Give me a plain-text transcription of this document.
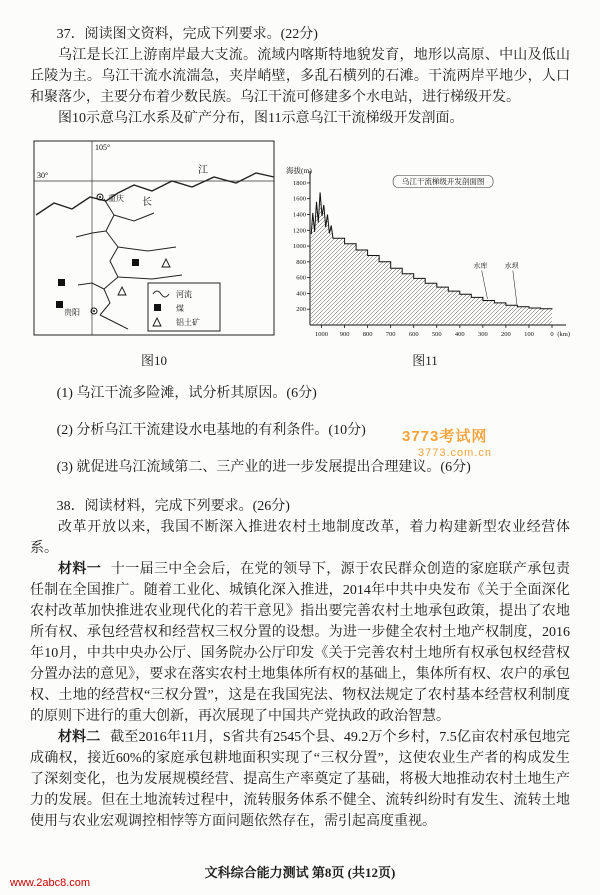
37．阅读图文资料，完成下列要求。(22分)

乌江是长江上游南岸最大支流。流域内喀斯特地貌发育，地形以高原、中山及低山丘陵为主。乌江干流水流湍急，夹岸峭壁，多乱石横列的石滩。干流两岸平地少，人口和聚落少，主要分布着少数民族。乌江干流可修建多个水电站，进行梯级开发。

图10示意乌江水系及矿产分布，图11示意乌江干流梯级开发剖面。

105°
30°
长
江
重庆
贵阳
河流
煤
铝土矿
图10
1800
1600
1400
1200
1000
800
600
400
200
1000 900 800 700 600 500 400 300 200 100	0 (km)
海拔(m)
乌江干流梯级开发剖面图
水库 水坝
图11

(1) 乌江干流多险滩，试分析其原因。(6分)

(2) 分析乌江干流建设水电基地的有利条件。(10分)

(3) 就促进乌江流域第二、三产业的进一步发展提出合理建议。(6分)

38．阅读材料，完成下列要求。(26分)

改革开放以来，我国不断深入推进农村土地制度改革，着力构建新型农业经营体系。

材料一 十一届三中全会后，在党的领导下，源于农民群众创造的家庭联产承包责任制在全国推广。随着工业化、城镇化深入推进，2014年中共中央发布《关于全面深化农村改革加快推进农业现代化的若干意见》指出要完善农村土地承包政策，提出了农地所有权、承包经营权和经营权三权分置的设想。为进一步健全农村土地产权制度，2016年10月，中共中央办公厅、国务院办公厅印发《关于完善农村土地所有权承包权经营权分置办法的意见》，要求在落实农村土地集体所有权的基础上，集体所有权、农户的承包权、土地的经营权“三权分置”，这是在我国宪法、物权法规定了农村基本经营权利制度的原则下进行的重大创新，再次展现了中国共产党执政的政治智慧。

材料二 截至2016年11月，S省共有2545个县、49.2万个乡村，7.5亿亩农村承包地完成确权，接近60%的家庭承包耕地面积实现了“三权分置”，这使农业生产者的构成发生了深刻变化，也为发展规模经营、提高生产率奠定了基础，将极大地推动农村土地生产力的发展。但在土地流转过程中，流转服务体系不健全、流转纠纷时有发生、流转土地使用与农业宏观调控相悖等方面问题依然存在，需引起高度重视。

3773考试网
3773.com.cn
文科综合能力测试 第8页 (共12页)
www.2abc8.com
